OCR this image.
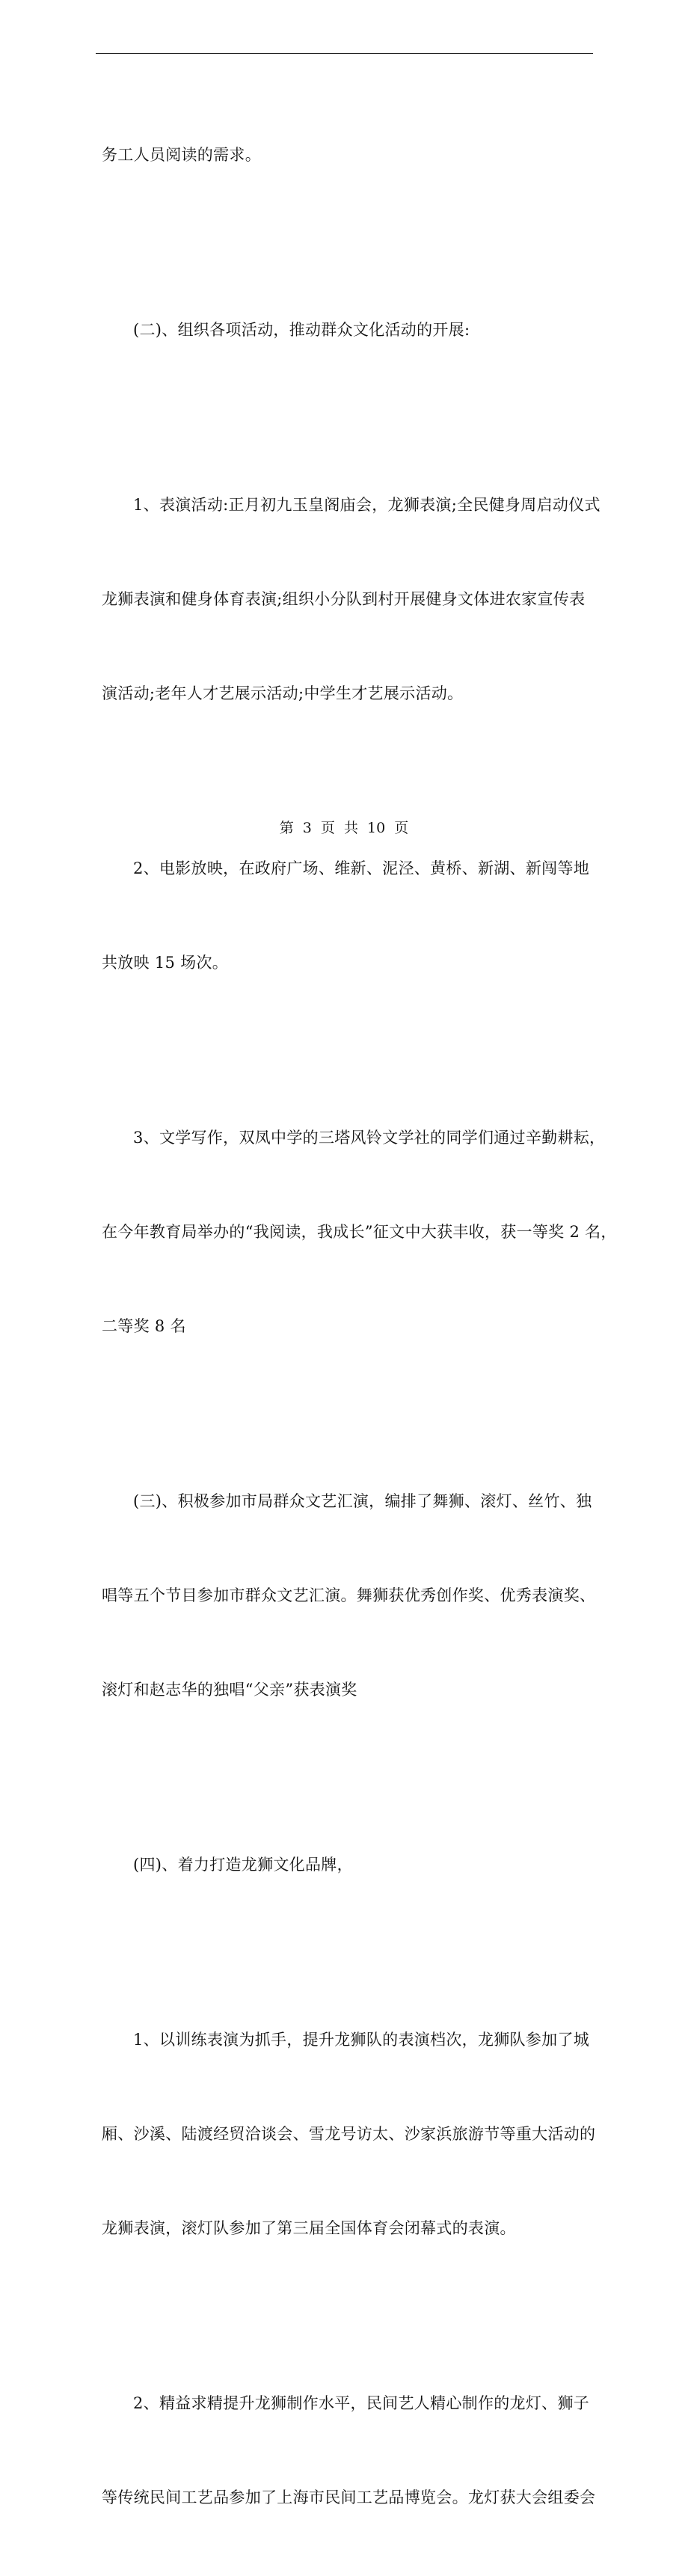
务工人员阅读的需求。

(二)、组织各项活动，推动群众文化活动的开展:

1、表演活动:正月初九玉皇阁庙会，龙狮表演;全民健身周启动仪式

龙狮表演和健身体育表演;组织小分队到村开展健身文体进农家宣传表

演活动;老年人才艺展示活动;中学生才艺展示活动。

2、电影放映，在政府广场、维新、泥泾、黄桥、新湖、新闯等地

共放映 15 场次。

3、文学写作，双凤中学的三塔风铃文学社的同学们通过辛勤耕耘，

在今年教育局举办的“我阅读，我成长”征文中大获丰收，获一等奖 2 名，

二等奖 8 名

(三)、积极参加市局群众文艺汇演，编排了舞狮、滚灯、丝竹、独

唱等五个节目参加市群众文艺汇演。舞狮获优秀创作奖、优秀表演奖、

滚灯和赵志华的独唱“父亲”获表演奖

(四)、着力打造龙狮文化品牌，

1、以训练表演为抓手，提升龙狮队的表演档次，龙狮队参加了城

厢、沙溪、陆渡经贸洽谈会、雪龙号访太、沙家浜旅游节等重大活动的

龙狮表演，滚灯队参加了第三届全国体育会闭幕式的表演。

2、精益求精提升龙狮制作水平，民间艺人精心制作的龙灯、狮子

等传统民间工艺品参加了上海市民间工艺品博览会。龙灯获大会组委会

第 3 页 共 10 页
